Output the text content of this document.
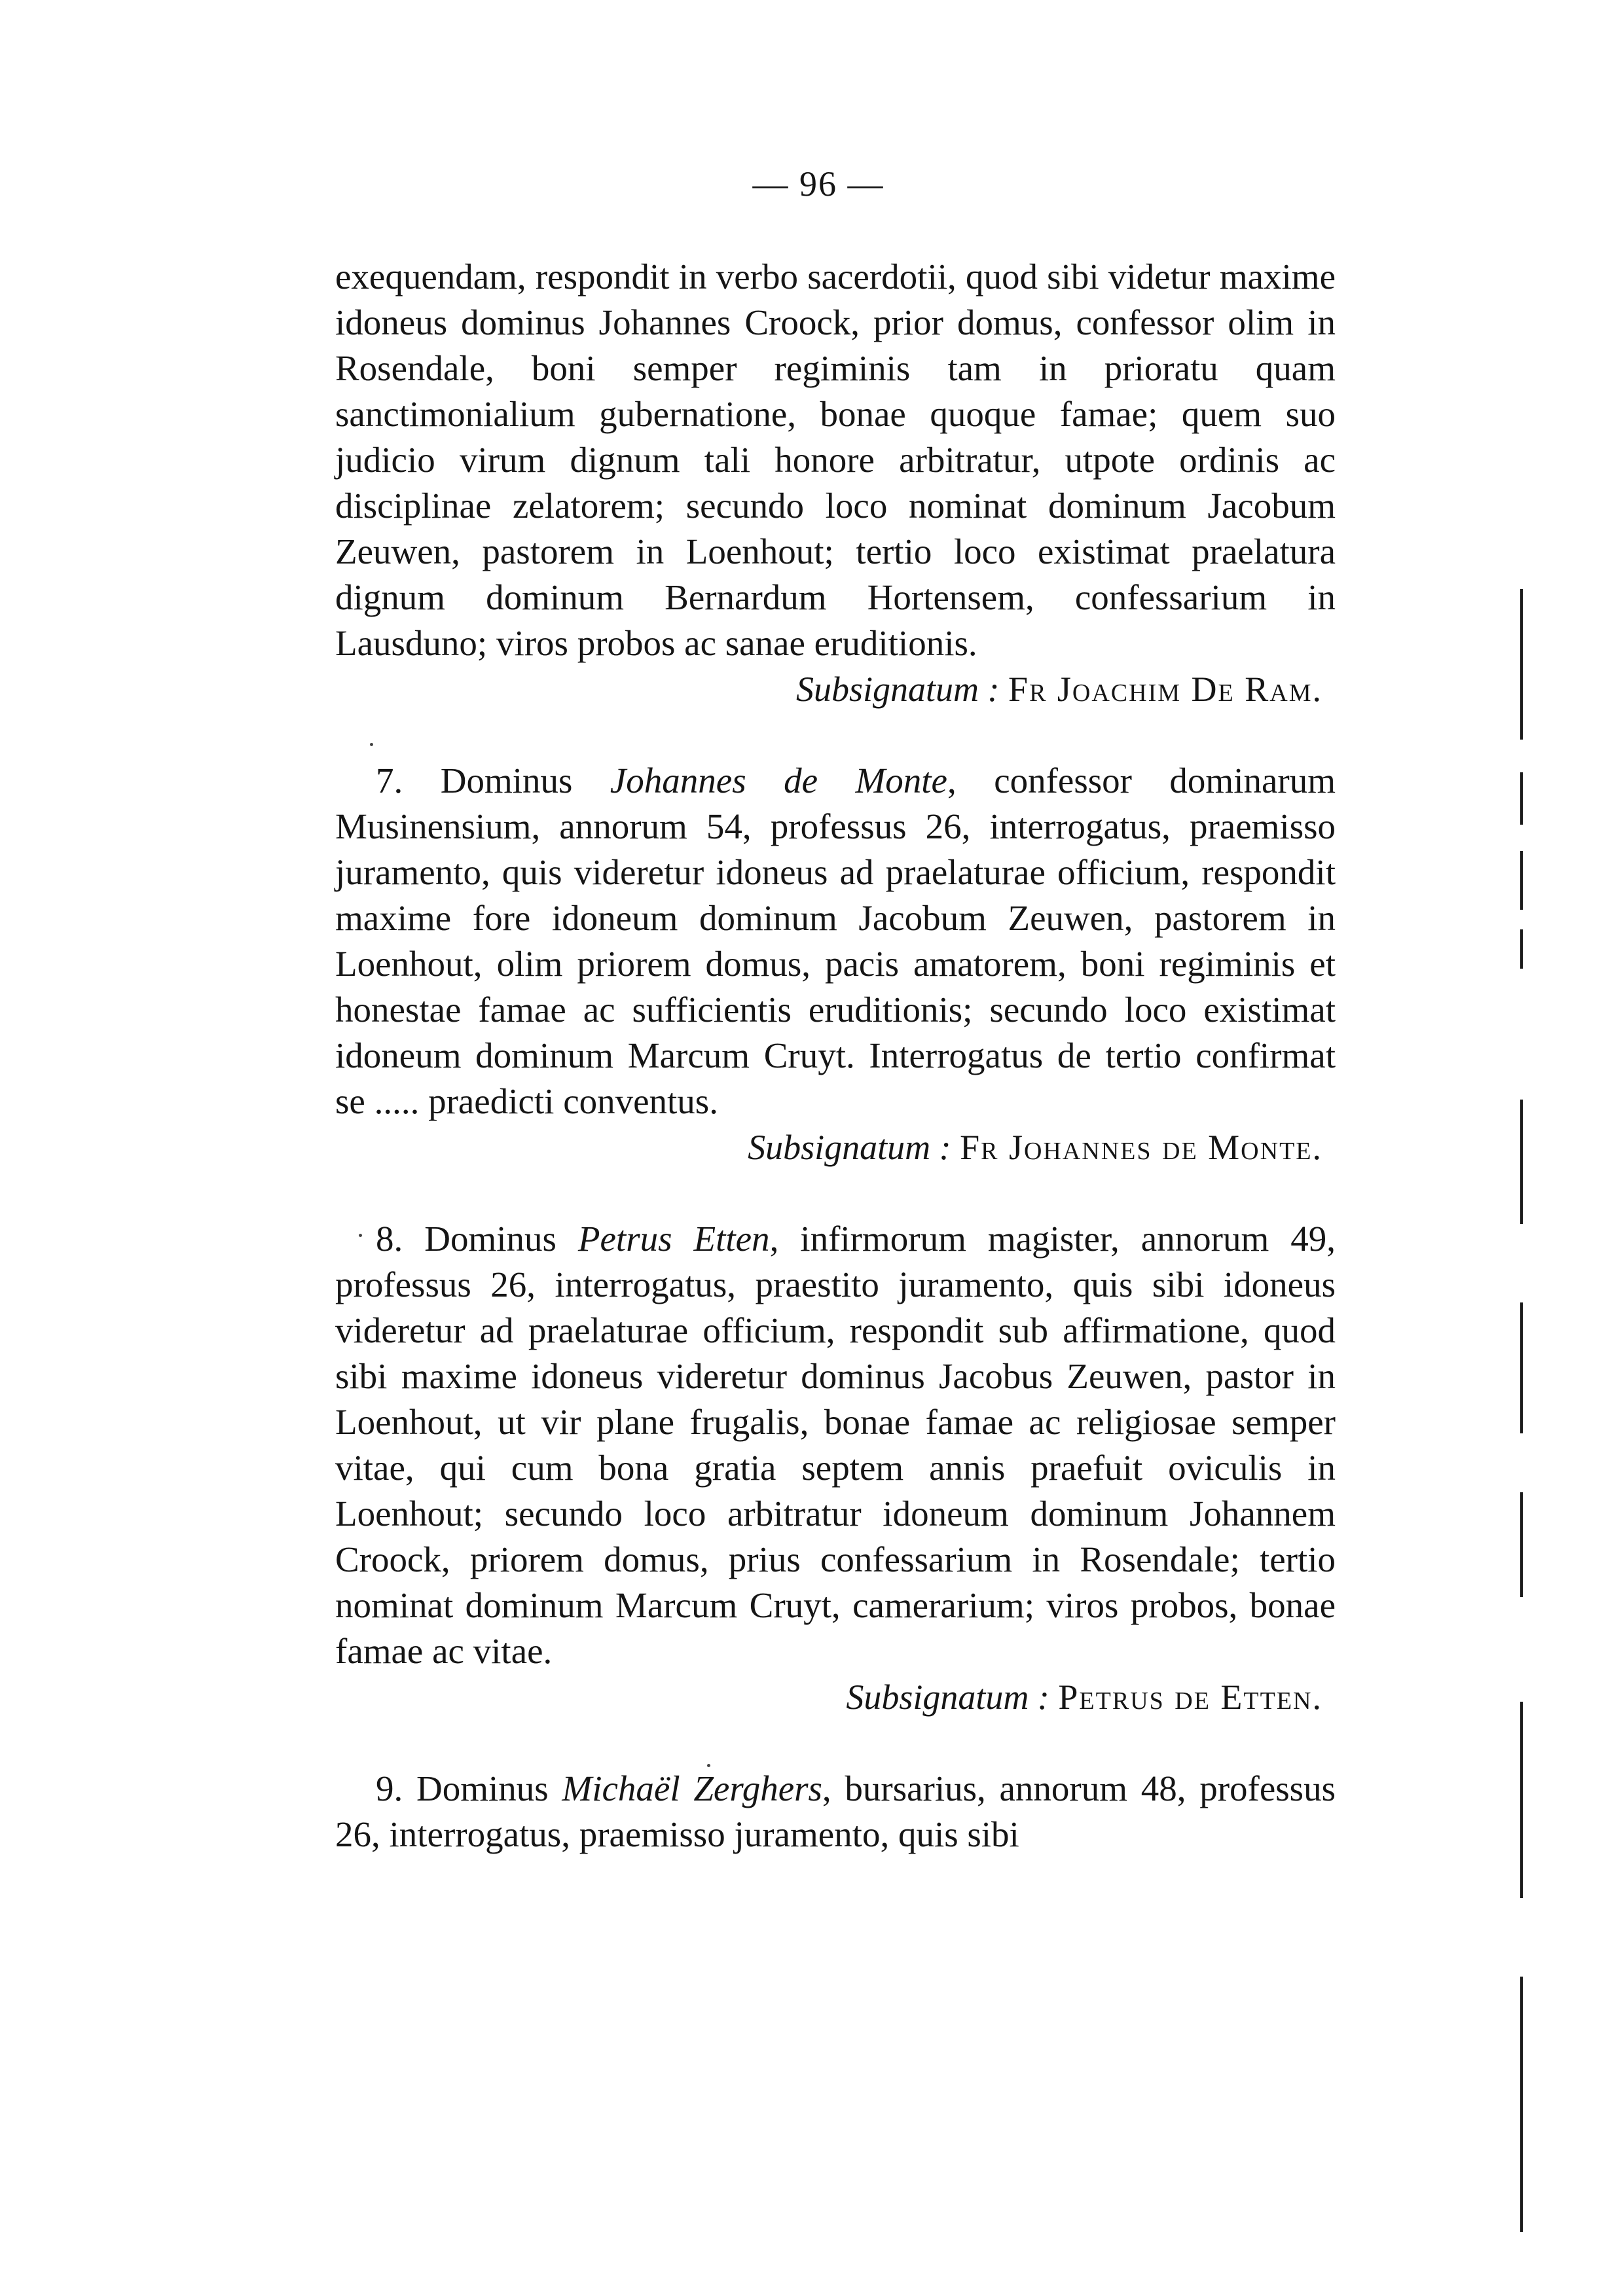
— 96 —

exequendam, respondit in verbo sacerdotii, quod sibi videtur maxime idoneus dominus Johannes Croock, prior domus, confessor olim in Rosendale, boni semper regiminis tam in prioratu quam sanctimonialium gubernatione, bonae quoque famae; quem suo judicio virum dignum tali honore arbitratur, utpote ordinis ac disciplinae zelatorem; secundo loco nominat dominum Jacobum Zeuwen, pastorem in Loenhout; tertio loco existimat praelatura dignum dominum Bernardum Hortensem, confessarium in Lausduno; viros probos ac sanae eruditionis.

Subsignatum : Fr Joachim De Ram.

7. Dominus Johannes de Monte, confessor dominarum Musinensium, annorum 54, professus 26, interrogatus, praemisso juramento, quis videretur idoneus ad praelaturae officium, respondit maxime fore idoneum dominum Jacobum Zeuwen, pastorem in Loenhout, olim priorem domus, pacis amatorem, boni regiminis et honestae famae ac sufficientis eruditionis; secundo loco existimat idoneum dominum Marcum Cruyt. Interrogatus de tertio confirmat se ..... praedicti conventus.

Subsignatum : Fr Johannes de Monte.

8. Dominus Petrus Etten, infirmorum magister, annorum 49, professus 26, interrogatus, praestito juramento, quis sibi idoneus videretur ad praelaturae officium, respondit sub affirmatione, quod sibi maxime idoneus videretur dominus Jacobus Zeuwen, pastor in Loenhout, ut vir plane frugalis, bonae famae ac religiosae semper vitae, qui cum bona gratia septem annis praefuit oviculis in Loenhout; secundo loco arbitratur idoneum dominum Johannem Croock, priorem domus, prius confessarium in Rosendale; tertio nominat dominum Marcum Cruyt, camerarium; viros probos, bonae famae ac vitae.

Subsignatum : Petrus de Etten.

9. Dominus Michaël Zerghers, bursarius, annorum 48, professus 26, interrogatus, praemisso juramento, quis sibi
